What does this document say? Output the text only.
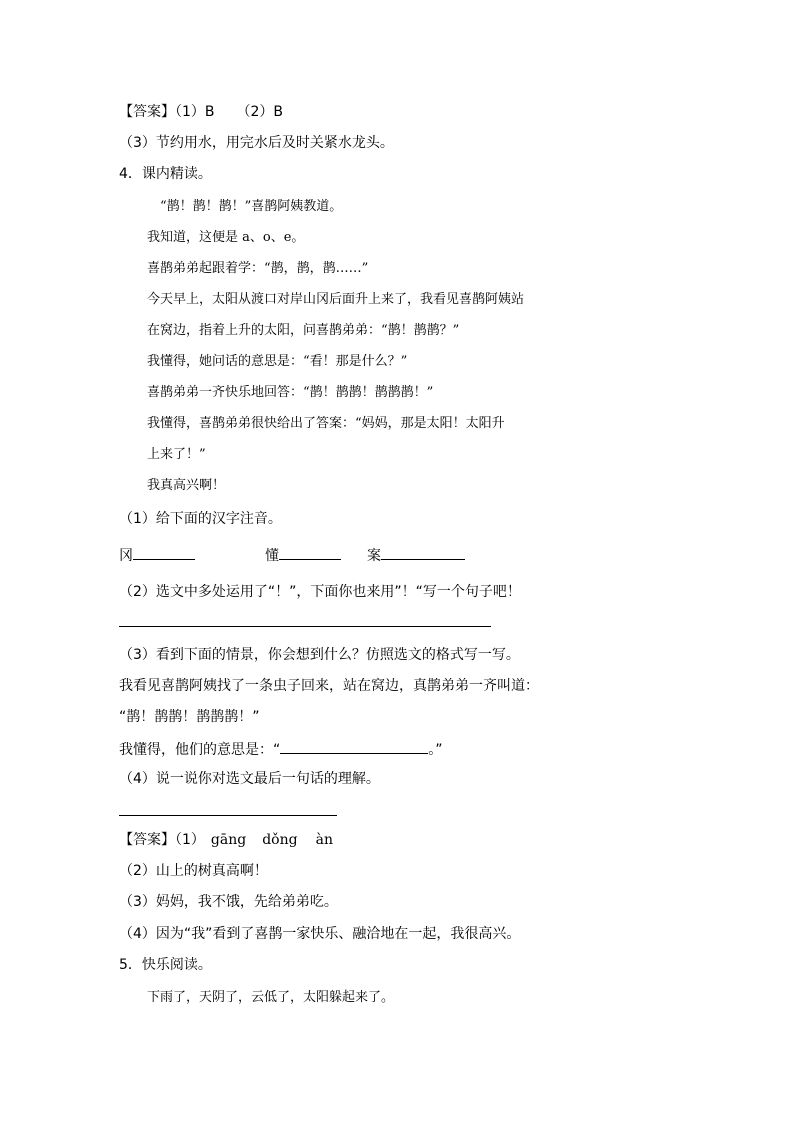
【答案】（1）B （2）B
（3）节约用水，用完水后及时关紧水龙头。
4．课内精读。
“鹊！鹊！鹊！”喜鹊阿姨教道。
我知道，这便是 a、o、e。
喜鹊弟弟起跟着学：“鹊，鹊，鹊……”
今天早上，太阳从渡口对岸山冈后面升上来了，我看见喜鹊阿姨站
在窝边，指着上升的太阳，问喜鹊弟弟：“鹊！鹊鹊？”
我懂得，她问话的意思是：“看！那是什么？”
喜鹊弟弟一齐快乐地回答：“鹊！鹊鹊！鹊鹊鹊！”
我懂得，喜鹊弟弟很快给出了答案：“妈妈，那是太阳！太阳升
上来了！”
我真高兴啊！
（1）给下面的汉字注音。
冈	懂	案
（2）选文中多处运用了“！”，下面你也来用”！“写一个句子吧！
（3）看到下面的情景，你会想到什么？仿照选文的格式写一写。
我看见喜鹊阿姨找了一条虫子回来，站在窝边，真鹊弟弟一齐叫道：
“鹊！鹊鹊！鹊鹊鹊！”
我懂得，他们的意思是：“	。”
（4）说一说你对选文最后一句话的理解。
【答案】（1） gāng dǒng àn
（2）山上的树真高啊！
（3）妈妈，我不饿，先给弟弟吃。
（4）因为“我”看到了喜鹊一家快乐、融洽地在一起，我很高兴。
5．快乐阅读。
下雨了，天阴了，云低了，太阳躲起来了。
